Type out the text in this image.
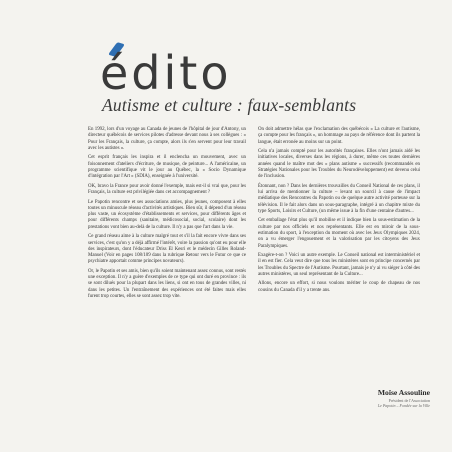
édito
Autisme et culture : faux-semblants

En 1992, lors d'un voyage au Canada de jeunes de l'hôpital de jour d'Antony, un directeur québécois de services pilotes d'adresse devant nous à ses collègues : « Pour les Français, la culture, ça compte, alors ils s'en servent pour leur travail avec les autistes ».

Cet esprit français les inspira et il enclencha un mouvement, avec un foisonnement d'ateliers d'écriture, de musique, de peinture... A l'américaine, un programme scientifique vit le jour au Québec, la « Socio Dynamique d'intégration par l'Art » (SDIA), enseignée à l'université.

OK, bravo la France pour avoir donné l'exemple, mais est-il si vrai que, pour les Français, la culture est privilégiée dans cet accompagnement ?

Le Papotin rencontre et ses associations amies, plus jeunes, composent à elles toutes un minuscule réseau d'activités artistiques. Bien sûr, il dépend d'un réseau plus vaste, un écosystème d'établissements et services, pour différents âges et pour différents champs (sanitaire, médicosocial, social, scolaire) dont les prestations vont bien au-delà de la culture. Il n'y a pas que l'art dans la vie.

Ce grand réseau aime à la culture malgré tout et s'il la fait encore vivre dans ses services, c'est qu'on y a déjà affirmé l'intérêt, voire la passion qu'ont eu pour elle des inspirateurs, dont l'éducateur Driss El Kesri et le médecin Gilles Roland-Manuel (Voir en pages 108/109 dans la rubrique Retour vers le Futur ce que ce psychiatre apportait comme principes novateurs).

Or, le Papotin et ses amis, bien qu'ils soient maintenant assez connus, sont restés une exception. Il n'y a guère d'exemples de ce type qui ont duré en province : ils se sont dilués pour la plupart dans les liens, si ont en tous de grandes villes, ni dans les petites. Un l'entraînement des expériences ont été faites mais elles furent trop courtes, elles se sont assez trop vite.

On doit admettre hélas que l'exclamation des québécois « La culture et l'autisme, ça compte pour les français », un hommage au pays de référence dont ils partent la langue, était erronée au moins sur un point.

Cela n'a jamais compté pour les autorités françaises. Elles n'ont jamais aidé les initiatives locales, diverses dans les régions, à durer, même ces toutes dernières années quand le maître mot des « plans autisme » successifs (recommandés en Stratégies Nationales pour les Troubles du Neurodéveloppement) est devenu celui de l'inclusion.

Étonnant, non ? Dans les dernières trouvailles du Conseil National de ces plans, il lui arriva de mentionner la culture – levant un sourcil à cause de l'impact médiatique des Rencontres du Papotin ou de quelque autre activité porteuse sur la télévision. Il le fait alors dans un sous-paragraphe, intégré à un chapitre mixte du type Sports, Loisirs et Culture, (un même issue à la fin d'une centaine d'autres...

Cet emballage l'état plus qu'il mobilise et il indique bien la sous-estimation de la culture par nos officiels et nos représentants. Elle est en miroir de la sous-estimation du sport, à l'exception du moment où avec les Jeux Olympiques 2024, on a vu émerger l'engouement et la valorisation par les citoyens des Jeux Paralympiques.

Exagère-t-on ? Voici un autre exemple. Le Conseil national est interministériel et il en est fier. Cela veut dire que tous les ministères sont en principe concernés par les Troubles du Spectre de l'Autisme. Pourtant, jamais je n'y ai vu siéger à côté des autres ministères, un seul représentant de la Culture...

Allons, encore un effort, si nous voulons mériter le coup de chapeau de nos cousins du Canada d'il y a trente ans.

Moïse Assouline
Président de l'Association
Le Papotin – Fondée sur la Ville
